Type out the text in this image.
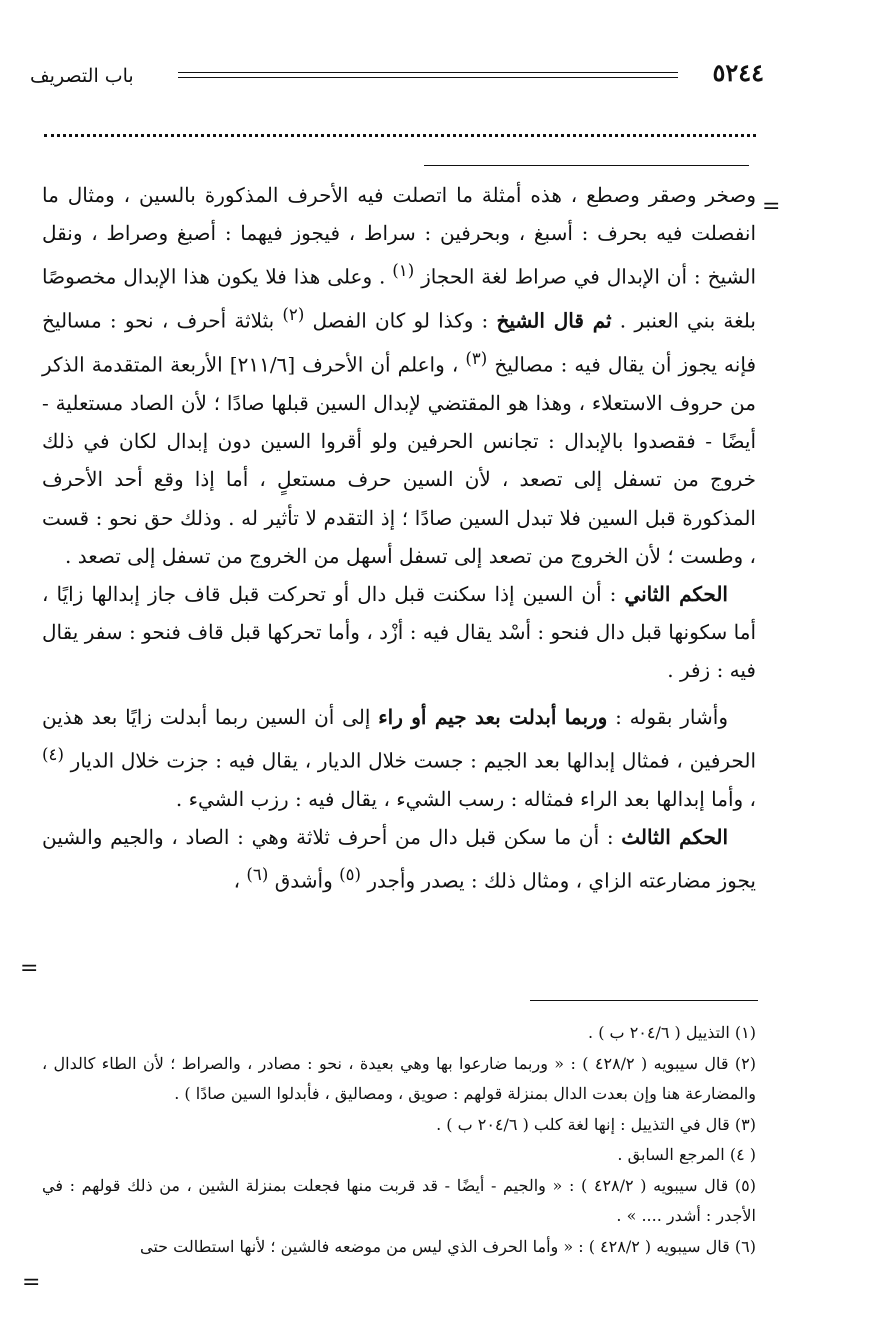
٥٢٤٤
باب التصريف
=
=

وصخر وصقر وصطع ، هذه أمثلة ما اتصلت فيه الأحرف المذكورة بالسين ، ومثال ما انفصلت فيه بحرف : أسبغ ، وبحرفين : سراط ، فيجوز فيهما : أصبغ وصراط ، ونقل الشيخ : أن الإبدال في صراط لغة الحجاز $^{(١)}$ . وعلى هذا فلا يكون هذا الإبدال مخصوصًا بلغة بني العنبر . ثم قال الشيخ : وكذا لو كان الفصل $^{(٢)}$ بثلاثة أحرف ، نحو : مساليخ فإنه يجوز أن يقال فيه : مصاليخ $^{(٣)}$ ، واعلم أن الأحرف [٢١١/٦] الأربعة المتقدمة الذكر من حروف الاستعلاء ، وهذا هو المقتضي لإبدال السين قبلها صادًا ؛ لأن الصاد مستعلية - أيضًا - فقصدوا بالإبدال : تجانس الحرفين ولو أقروا السين دون إبدال لكان في ذلك خروج من تسفل إلى تصعد ، لأن السين حرف مستعلٍ ، أما إذا وقع أحد الأحرف المذكورة قبل السين فلا تبدل السين صادًا ؛ إذ التقدم لا تأثير له . وذلك حق نحو : قست ، وطست ؛ لأن الخروج من تصعد إلى تسفل أسهل من الخروج من تسفل إلى تصعد .

الحكم الثاني : أن السين إذا سكنت قبل دال أو تحركت قبل قاف جاز إبدالها زايًا ، أما سكونها قبل دال فنحو : أسْد يقال فيه : أزْد ، وأما تحركها قبل قاف فنحو : سفر يقال فيه : زفر .

وأشار بقوله : وربما أبدلت بعد جيم أو راء إلى أن السين ربما أبدلت زايًا بعد هذين الحرفين ، فمثال إبدالها بعد الجيم : جست خلال الديار ، يقال فيه : جزت خلال الديار $^{(٤)}$ ، وأما إبدالها بعد الراء فمثاله : رسب الشيء ، يقال فيه : رزب الشيء .

الحكم الثالث : أن ما سكن قبل دال من أحرف ثلاثة وهي : الصاد ، والجيم والشين يجوز مضارعته الزاي ، ومثال ذلك : يصدر وأجدر $^{(٥)}$ وأشدق $^{(٦)}$ ،

(١) التذييل ( ٢٠٤/٦ ب ) .

(٢) قال سيبويه ( ٤٢٨/٢ ) : « وربما ضارعوا بها وهي بعيدة ، نحو : مصادر ، والصراط ؛ لأن الطاء كالدال ، والمضارعة هنا وإن بعدت الدال بمنزلة قولهم : صويق ، ومصاليق ، فأبدلوا السين صادًا ) .

(٣) قال في التذييل : إنها لغة كلب ( ٢٠٤/٦ ب ) .

( ٤) المرجع السابق .

(٥) قال سيبويه ( ٤٢٨/٢ ) : « والجيم - أيضًا - قد قربت منها فجعلت بمنزلة الشين ، من ذلك قولهم : في الأجدر : أشدر .... » .

(٦) قال سيبويه ( ٤٢٨/٢ ) : « وأما الحرف الذي ليس من موضعه فالشين ؛ لأنها استطالت حتى

=
